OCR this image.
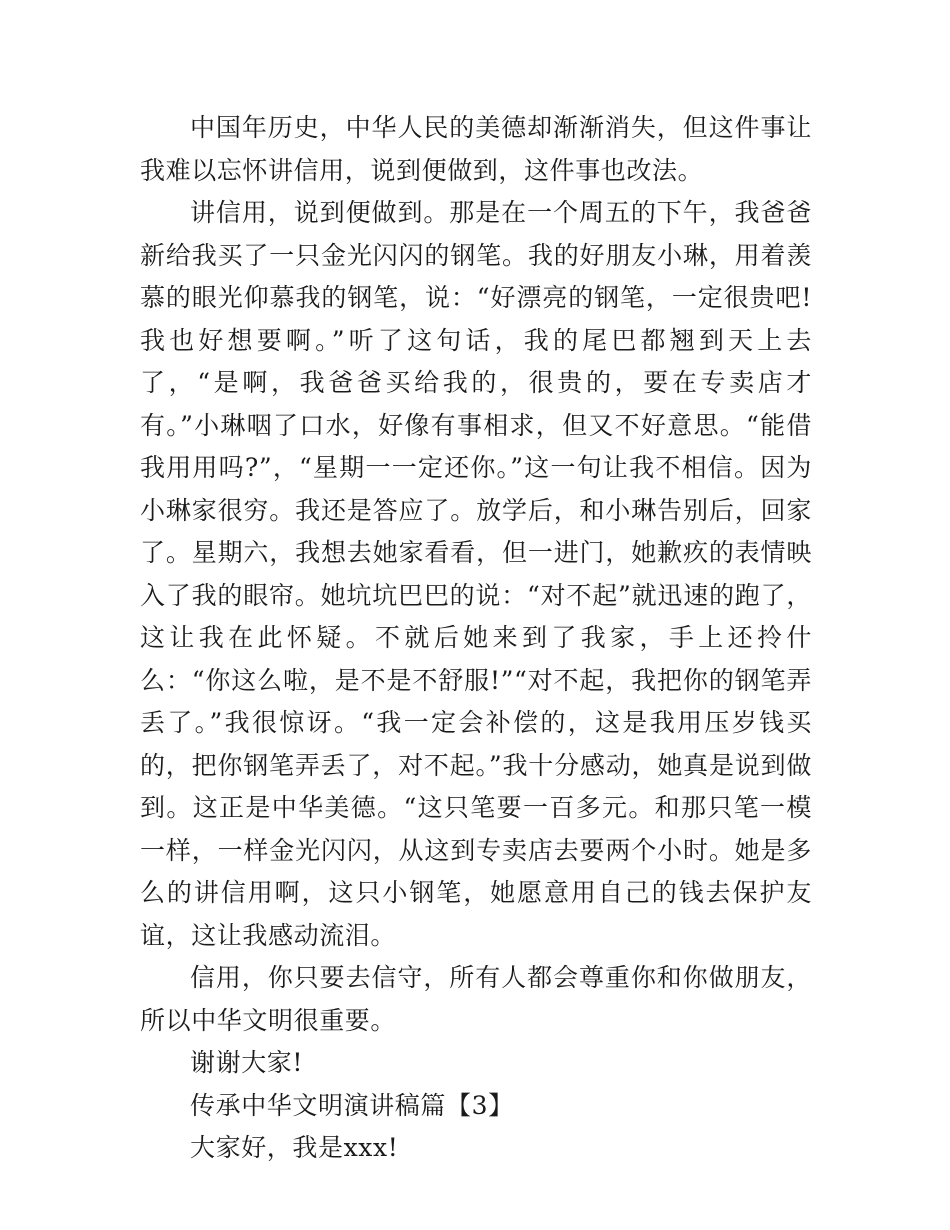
中国年历史，中华人民的美德却渐渐消失，但这件事让我难以忘怀讲信用，说到便做到，这件事也改法。

讲信用，说到便做到。那是在一个周五的下午，我爸爸新给我买了一只金光闪闪的钢笔。我的好朋友小琳，用着羡慕的眼光仰慕我的钢笔，说：“好漂亮的钢笔，一定很贵吧!我也好想要啊。”听了这句话，我的尾巴都翘到天上去了，“是啊，我爸爸买给我的，很贵的，要在专卖店才有。”小琳咽了口水，好像有事相求，但又不好意思。“能借我用用吗?”，“星期一一定还你。”这一句让我不相信。因为小琳家很穷。我还是答应了。放学后，和小琳告别后，回家了。星期六，我想去她家看看，但一进门，她歉疚的表情映入了我的眼帘。她坑坑巴巴的说：“对不起”就迅速的跑了，这让我在此怀疑。不就后她来到了我家，手上还拎什么：“你这么啦，是不是不舒服!”“对不起，我把你的钢笔弄丢了。”我很惊讶。“我一定会补偿的，这是我用压岁钱买的，把你钢笔弄丢了，对不起。”我十分感动，她真是说到做到。这正是中华美德。“这只笔要一百多元。和那只笔一模一样，一样金光闪闪，从这到专卖店去要两个小时。她是多么的讲信用啊，这只小钢笔，她愿意用自己的钱去保护友谊，这让我感动流泪。

信用，你只要去信守，所有人都会尊重你和你做朋友，所以中华文明很重要。

谢谢大家!

传承中华文明演讲稿篇【3】

大家好，我是xxx!
